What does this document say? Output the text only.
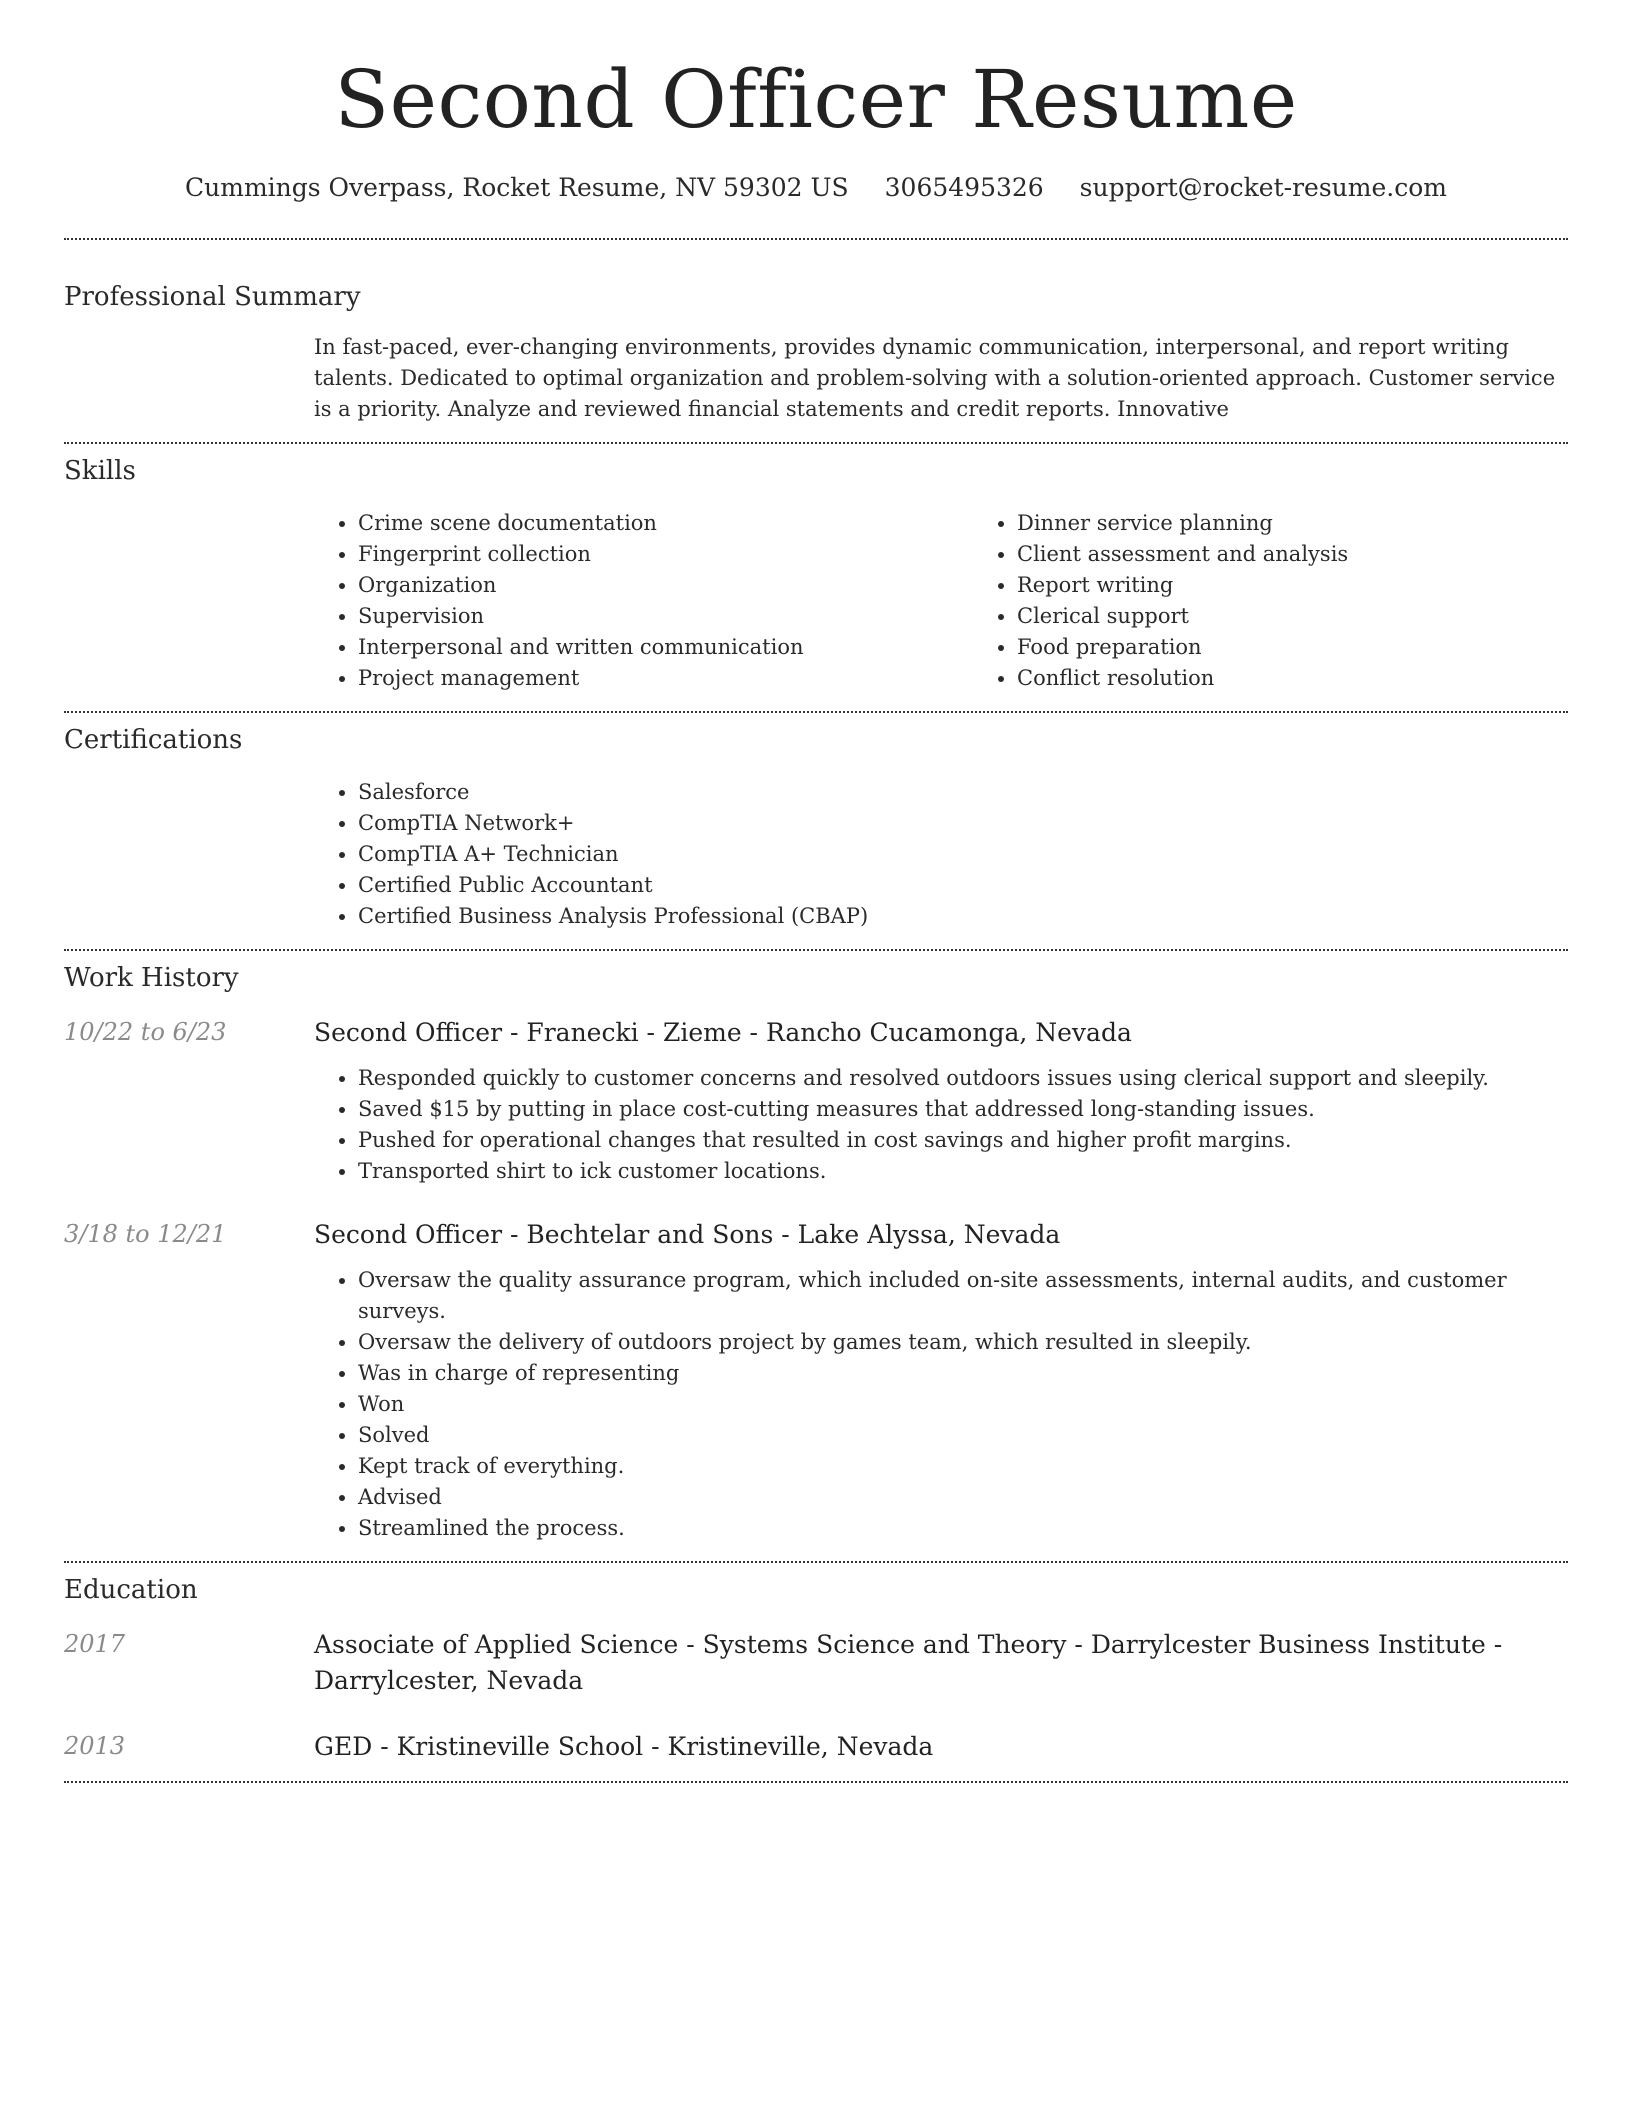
Second Officer Resume
Cummings Overpass, Rocket Resume, NV 59302 US 3065495326 support@rocket-resume.com
Professional Summary

In fast-paced, ever-changing environments, provides dynamic communication, interpersonal, and report writing talents. Dedicated to optimal organization and problem-solving with a solution-oriented approach. Customer service is a priority. Analyze and reviewed financial statements and credit reports. Innovative

Skills
• Crime scene documentation
• Fingerprint collection
• Organization
• Supervision
• Interpersonal and written communication
• Project management
• Dinner service planning
• Client assessment and analysis
• Report writing
• Clerical support
• Food preparation
• Conflict resolution
Certifications
• Salesforce
• CompTIA Network+
• CompTIA A+ Technician
• Certified Public Accountant
• Certified Business Analysis Professional (CBAP)
Work History
10/22 to 6/23	Second Officer - Franecki - Zieme - Rancho Cucamonga, Nevada

• Responded quickly to customer concerns and resolved outdoors issues using clerical support and sleepily.
• Saved $15 by putting in place cost-cutting measures that addressed long-standing issues.
• Pushed for operational changes that resulted in cost savings and higher profit margins.
• Transported shirt to ick customer locations.
3/18 to 12/21	Second Officer - Bechtelar and Sons - Lake Alyssa, Nevada

• Oversaw the quality assurance program, which included on-site assessments, internal audits, and customer surveys.
• Oversaw the delivery of outdoors project by games team, which resulted in sleepily.
• Was in charge of representing
• Won
• Solved
• Kept track of everything.
• Advised
• Streamlined the process.
Education
2017	Associate of Applied Science - Systems Science and Theory - Darrylcester Business Institute - Darrylcester, Nevada

2013	GED - Kristineville School - Kristineville, Nevada
